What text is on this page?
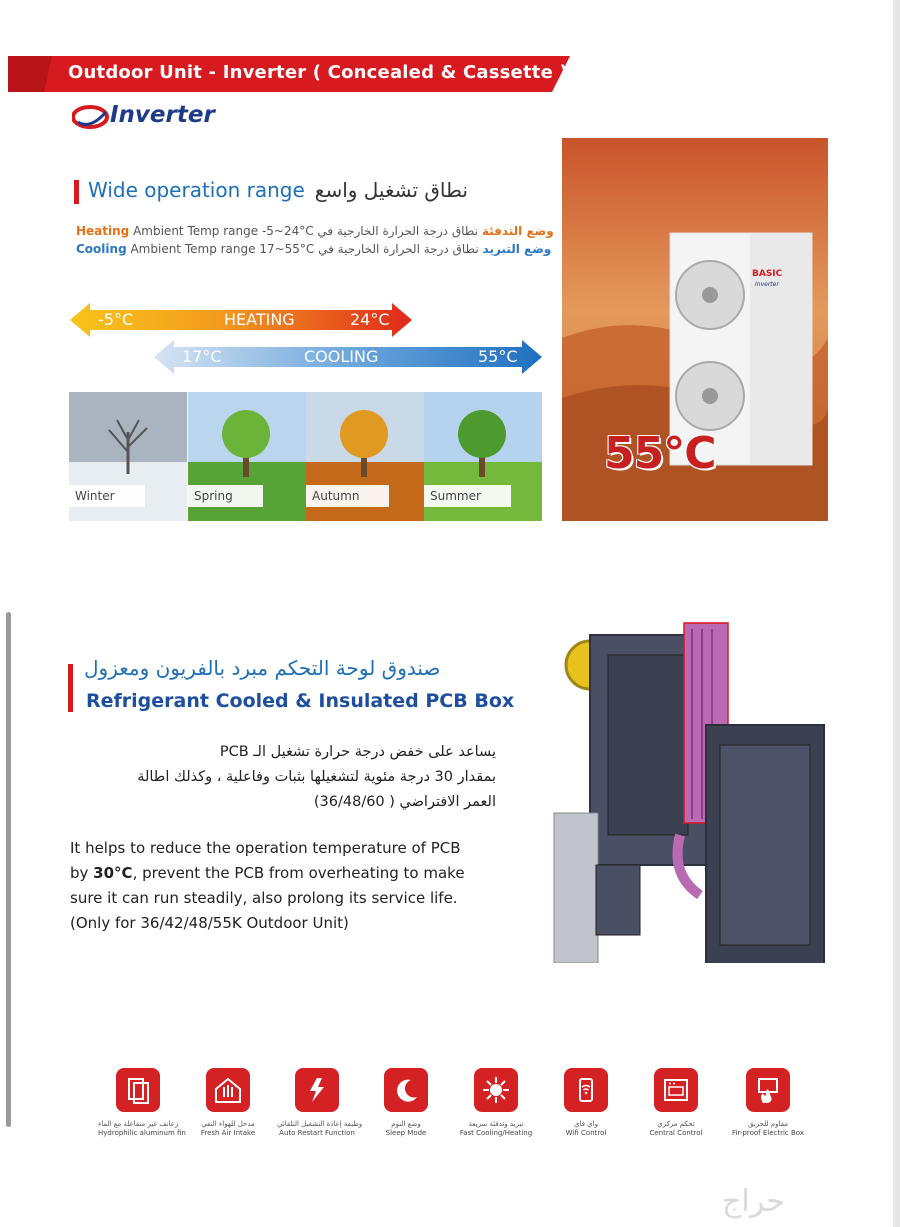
Outdoor Unit - Inverter ( Concealed & Cassette )
Inverter
Wide operation range نطاق تشغيل واسع
Heating Ambient Temp range -5~24°C	وضع التدفئة نطاق درجة الحرارة الخارجية في
Cooling Ambient Temp range 17~55°C	وضع التبريد نطاق درجة الحرارة الخارجية في
-5°C	HEATING	24°C
17°C	COOLING	55°C
Winter	Spring	Autumn	Summer
BASIC
Inverter
55°C
صندوق لوحة التحكم مبرد بالفريون ومعزول
Refrigerant Cooled & Insulated PCB Box
يساعد على خفض درجة حرارة تشغيل الـ PCB
بمقدار 30 درجة مئوية لتشغيلها بثبات وفاعلية ، وكذلك اطالة
العمر الافتراضي ( 36/48/60)
It helps to reduce the operation temperature of PCB
by 30°C, prevent the PCB from overheating to make
sure it can run steadily, also prolong its service life.
(Only for 36/42/48/55K Outdoor Unit)
زعانف غير متفاعلة مع الماء
Hydrophilic aluminum fin
مدخل للهواء النقي
Fresh Air Intake
وظيفة إعادة التشغيل التلقائي
Auto Restart Function
وضع النوم
Sleep Mode
تبريد وتدفئة سريعة
Fast Cooling/Heating
واي فاي
Wifi Control
تحكم مركزي
Central Control
مقاوم للحريق
Fir-proof Electric Box
حراج
